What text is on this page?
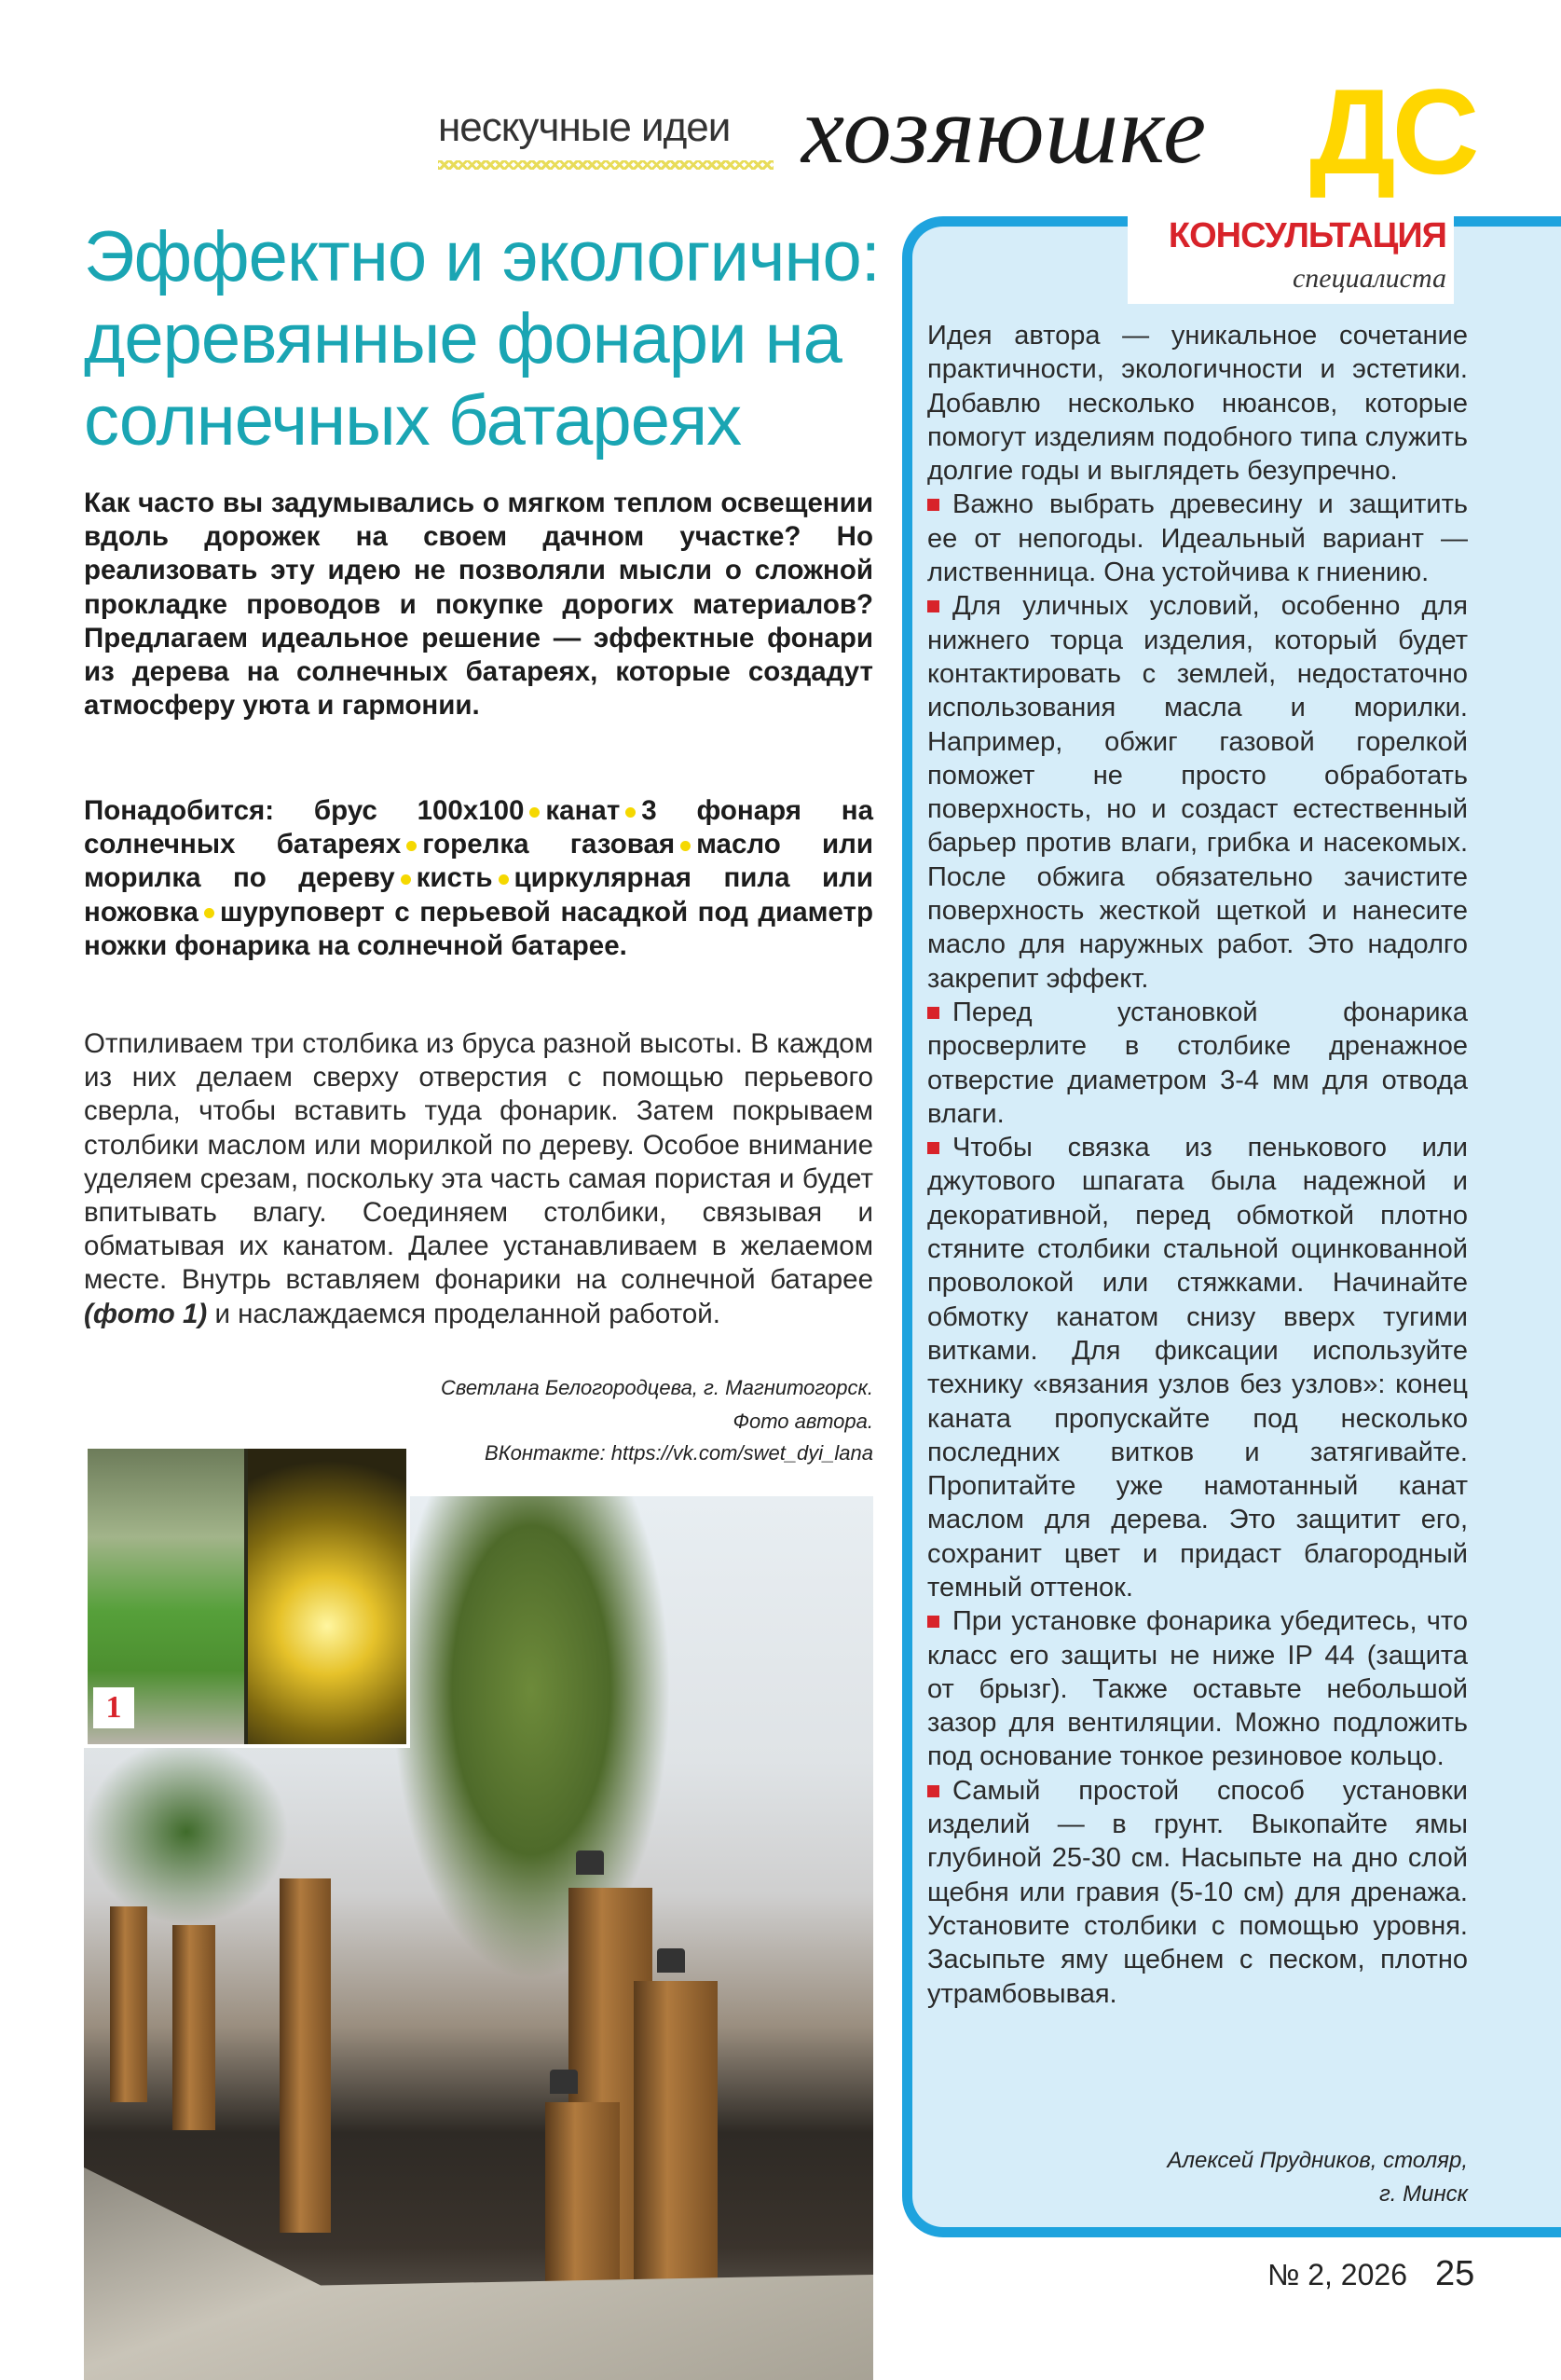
нескучные идеи хозяюшке ДС
Эффектно и экологично: деревянные фонари на солнечных батареях
Как часто вы задумывались о мягком теплом освещении вдоль дорожек на своем дачном участке? Но реализовать эту идею не позволяли мысли о сложной прокладке проводов и покупке дорогих материалов? Предлагаем идеальное решение — эффектные фонари из дерева на солнечных батареях, которые создадут атмосферу уюта и гармонии.
Понадобится: брус 100х100 канат 3 фонаря на солнечных батареях горелка газовая масло или морилка по дереву кисть циркулярная пила или ножовка шуруповерт с перьевой насадкой под диаметр ножки фонарика на солнечной батарее.
Отпиливаем три столбика из бруса разной высоты. В каждом из них делаем сверху отверстия с помощью перьевого сверла, чтобы вставить туда фонарик. Затем покрываем столбики маслом или морилкой по дереву. Особое внимание уделяем срезам, поскольку эта часть самая пористая и будет впитывать влагу. Соединяем столбики, связывая и обматывая их канатом. Далее устанавливаем в желаемом месте. Внутрь вставляем фонарики на солнечной батарее (фото 1) и наслаждаемся проделанной работой.
Светлана Белогородцева, г. Магнитогорск.
Фото автора.
ВКонтакте: https://vk.com/swet_dyi_lana
1
КОНСУЛЬТАЦИЯ
специалиста

Идея автора — уникальное сочетание практичности, экологичности и эстетики. Добавлю несколько нюансов, которые помогут изделиям подобного типа служить долгие годы и выглядеть безупречно.

Важно выбрать древесину и защитить ее от непогоды. Идеальный вариант — лиственница. Она устойчива к гниению.

Для уличных условий, особенно для нижнего торца изделия, который будет контактировать с землей, недостаточно использования масла и морилки. Например, обжиг газовой горелкой поможет не просто обработать поверхность, но и создаст естественный барьер против влаги, грибка и насекомых. После обжига обязательно зачистите поверхность жесткой щеткой и нанесите масло для наружных работ. Это надолго закрепит эффект.

Перед установкой фонарика просверлите в столбике дренажное отверстие диаметром 3-4 мм для отвода влаги.

Чтобы связка из пенькового или джутового шпагата была надежной и декоративной, перед обмоткой плотно стяните столбики стальной оцинкованной проволокой или стяжками. Начинайте обмотку канатом снизу вверх тугими витками. Для фиксации используйте технику «вязания узлов без узлов»: конец каната пропускайте под несколько последних витков и затягивайте. Пропитайте уже намотанный канат маслом для дерева. Это защитит его, сохранит цвет и придаст благородный темный оттенок.

При установке фонарика убедитесь, что класс его защиты не ниже IP 44 (защита от брызг). Также оставьте небольшой зазор для вентиляции. Можно подложить под основание тонкое резиновое кольцо.

Самый простой способ установки изделий — в грунт. Выкопайте ямы глубиной 25-30 см. Насыпьте на дно слой щебня или гравия (5-10 см) для дренажа. Установите столбики с помощью уровня. Засыпьте яму щебнем с песком, плотно утрамбовывая.

Алексей Прудников, столяр,
г. Минск
№ 2, 2026 25
